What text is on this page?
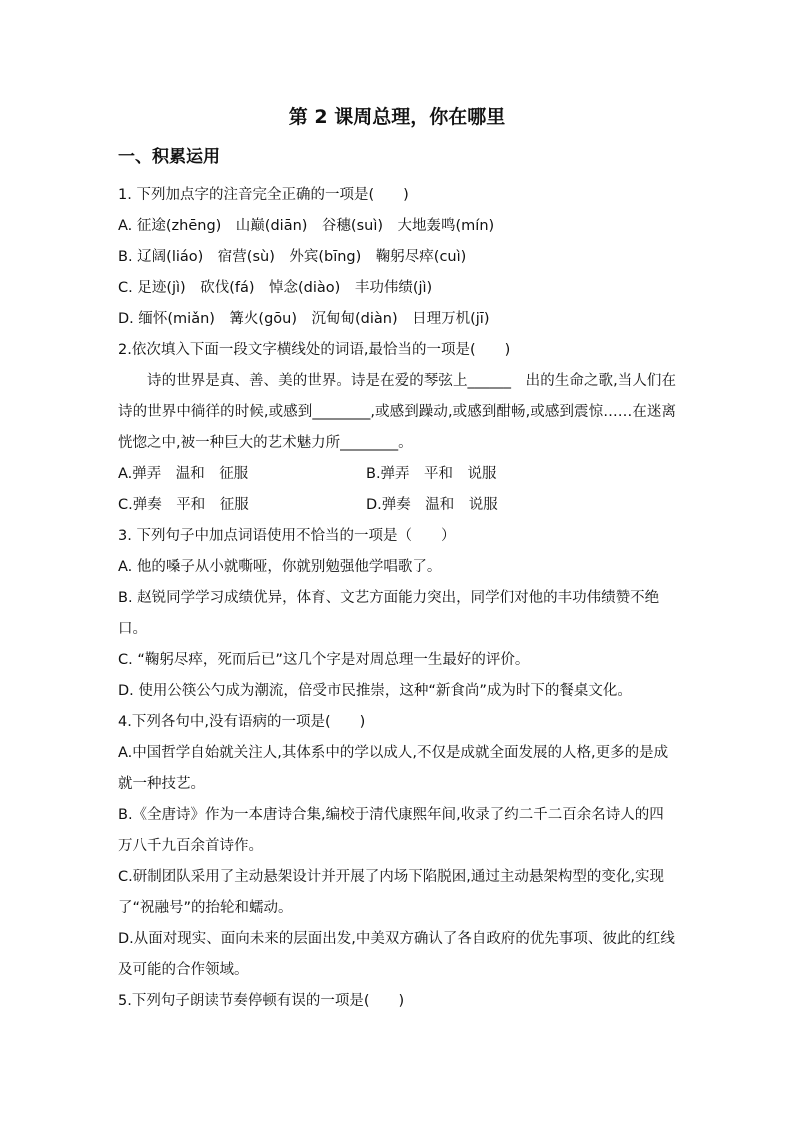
第 2 课周总理，你在哪里
一、积累运用
1. 下列加点字的注音完全正确的一项是(　　)
A. 征途(zhēng)　山巅(diān)　谷穗(suì)　大地轰鸣(mín)
B. 辽阔(liáo)　宿营(sù)　外宾(bīng)　鞠躬尽瘁(cuì)
C. 足迹(jì)　砍伐(fá)　悼念(diào)　丰功伟绩(jì)
D. 缅怀(miǎn)　篝火(gōu)　沉甸甸(diàn)　日理万机(jī)
2.依次填入下面一段文字横线处的词语,最恰当的一项是(　　)
诗的世界是真、善、美的世界。诗是在爱的琴弦上______　出的生命之歌,当人们在诗的世界中徜徉的时候,或感到________,或感到躁动,或感到酣畅,或感到震惊……在迷离恍惚之中,被一种巨大的艺术魅力所________。
A.弹弄　温和　征服	B.弹弄　平和　说服
C.弹奏　平和　征服	D.弹奏　温和　说服
3. 下列句子中加点词语使用不恰当的一项是（　　）
A. 他的嗓子从小就嘶哑，你就别勉强他学唱歌了。
B. 赵锐同学学习成绩优异，体育、文艺方面能力突出，同学们对他的丰功伟绩赞不绝口。
C. “鞠躬尽瘁，死而后已”这几个字是对周总理一生最好的评价。
D. 使用公筷公勺成为潮流，倍受市民推崇，这种“新食尚”成为时下的餐桌文化。
4.下列各句中,没有语病的一项是(　　)
A.中国哲学自始就关注人,其体系中的学以成人,不仅是成就全面发展的人格,更多的是成就一种技艺。
B.《全唐诗》作为一本唐诗合集,编校于清代康熙年间,收录了约二千二百余名诗人的四万八千九百余首诗作。
C.研制团队采用了主动悬架设计并开展了内场下陷脱困,通过主动悬架构型的变化,实现了“祝融号”的抬轮和蠕动。
D.从面对现实、面向未来的层面出发,中美双方确认了各自政府的优先事项、彼此的红线及可能的合作领域。
5.下列句子朗读节奏停顿有误的一项是(　　)
